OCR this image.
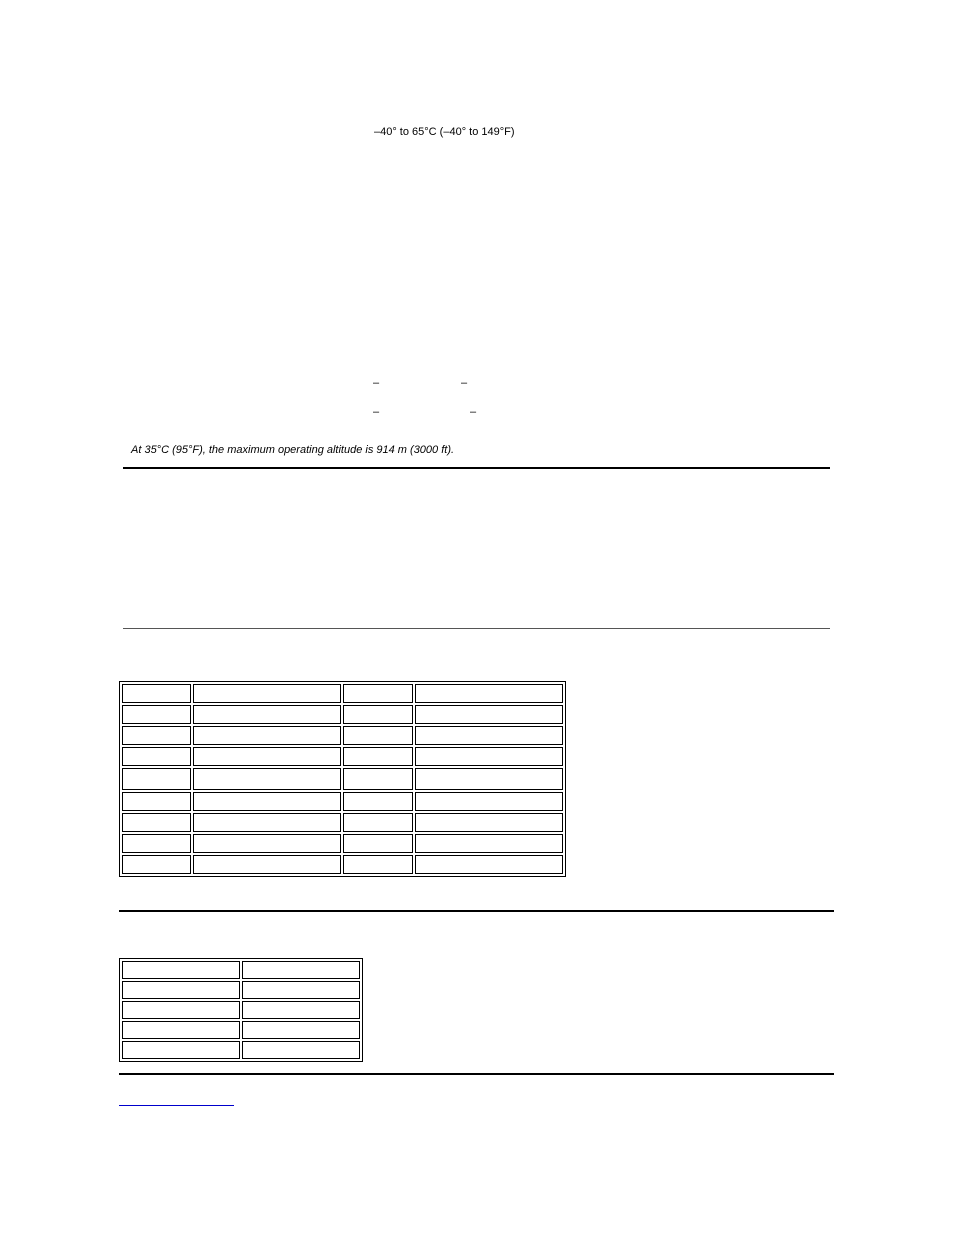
–40° to 65°C (–40° to 149°F)
–	–
–	–
At 35°C (95°F), the maximum operating altitude is 914 m (3000 ft).
